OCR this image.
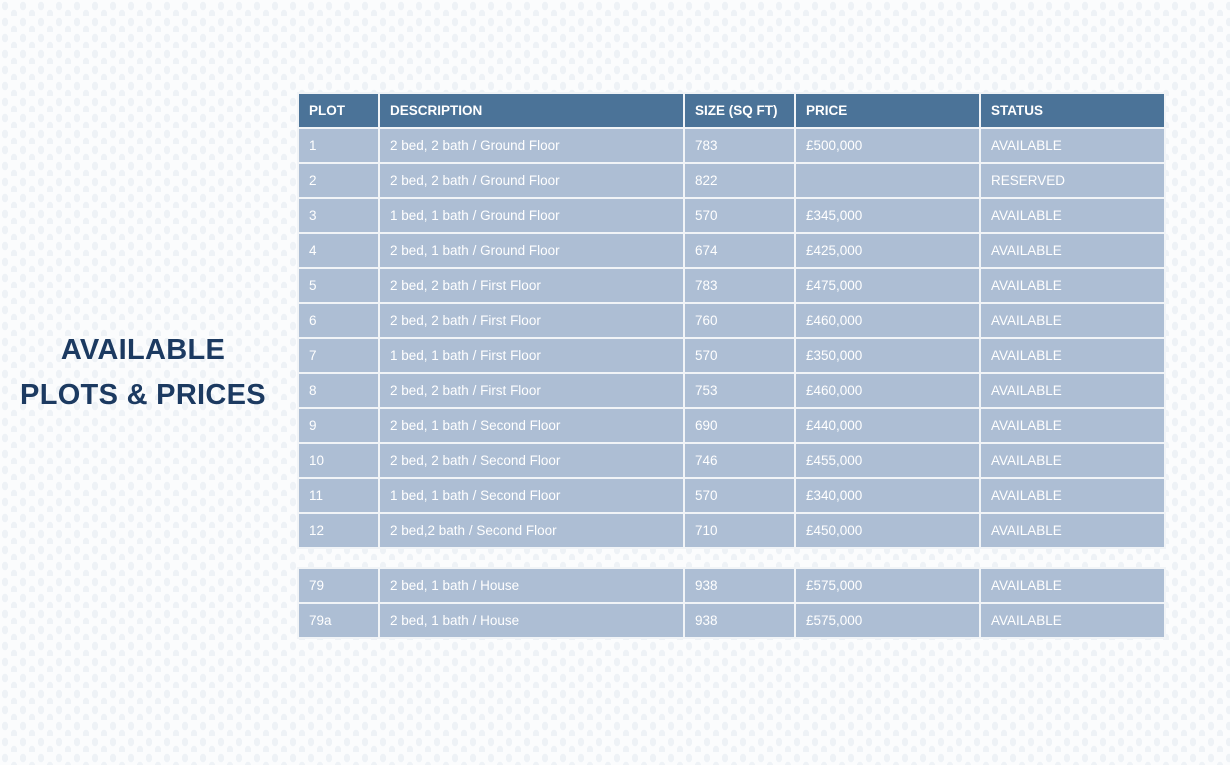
AVAILABLE
PLOTS & PRICES
PLOT	DESCRIPTION	SIZE (SQ FT)	PRICE	STATUS
1	2 bed, 2 bath / Ground Floor	783	£500,000	AVAILABLE
2	2 bed, 2 bath / Ground Floor	822		RESERVED
3	1 bed, 1 bath / Ground Floor	570	£345,000	AVAILABLE
4	2 bed, 1 bath / Ground Floor	674	£425,000	AVAILABLE
5	2 bed, 2 bath / First Floor	783	£475,000	AVAILABLE
6	2 bed, 2 bath / First Floor	760	£460,000	AVAILABLE
7	1 bed, 1 bath / First Floor	570	£350,000	AVAILABLE
8	2 bed, 2 bath / First Floor	753	£460,000	AVAILABLE
9	2 bed, 1 bath / Second Floor	690	£440,000	AVAILABLE
10	2 bed, 2 bath / Second Floor	746	£455,000	AVAILABLE
11	1 bed, 1 bath / Second Floor	570	£340,000	AVAILABLE
12	2 bed,2 bath / Second Floor	710	£450,000	AVAILABLE

79	2 bed, 1 bath / House	938	£575,000	AVAILABLE
79a	2 bed, 1 bath / House	938	£575,000	AVAILABLE
